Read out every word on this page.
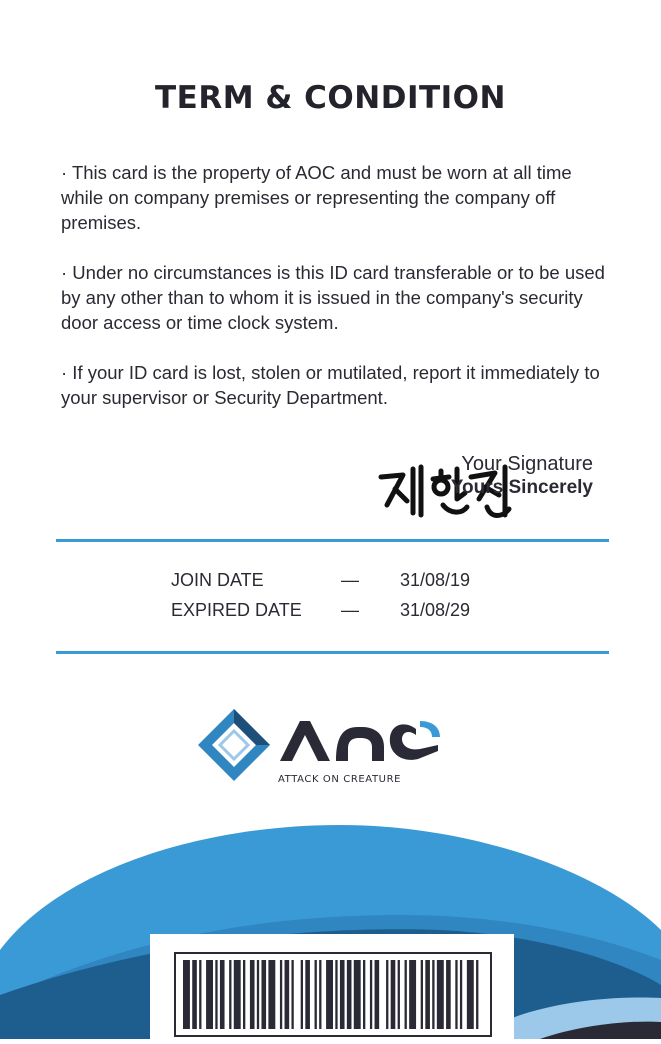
TERM & CONDITION

· This card is the property of AOC and must be worn at all time while on company premises or representing the company off premises.

· Under no circumstances is this ID card transferable or to be used by any other than to whom it is issued in the company's security door access or time clock system.

· If your ID card is lost, stolen or mutilated, report it immediately to your supervisor or Security Department.

Your Signature
Yours Sincerely
JOIN DATE	— 31/08/19
EXPIRED DATE — 31/08/29
ATTACK ON CREATURE
